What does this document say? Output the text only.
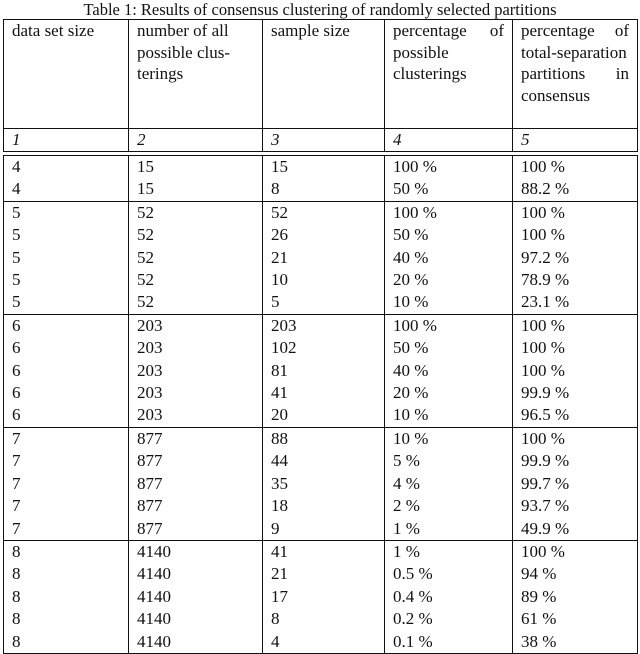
Table 1: Results of consensus clustering of randomly selected partitions
data set size	number of all possible clus-terings	sample size	percentage of possible clusterings	percentage of total-separation partitions in consensus
1	2	3	4	5
4	15	15	100 %	100 %
4	15	8	50 %	88.2 %
5	52	52	100 %	100 %
5	52	26	50 %	100 %
5	52	21	40 %	97.2 %
5	52	10	20 %	78.9 %
5	52	5	10 %	23.1 %
6	203	203	100 %	100 %
6	203	102	50 %	100 %
6	203	81	40 %	100 %
6	203	41	20 %	99.9 %
6	203	20	10 %	96.5 %
7	877	88	10 %	100 %
7	877	44	5 %	99.9 %
7	877	35	4 %	99.7 %
7	877	18	2 %	93.7 %
7	877	9	1 %	49.9 %
8	4140	41	1 %	100 %
8	4140	21	0.5 %	94 %
8	4140	17	0.4 %	89 %
8	4140	8	0.2 %	61 %
8	4140	4	0.1 %	38 %
